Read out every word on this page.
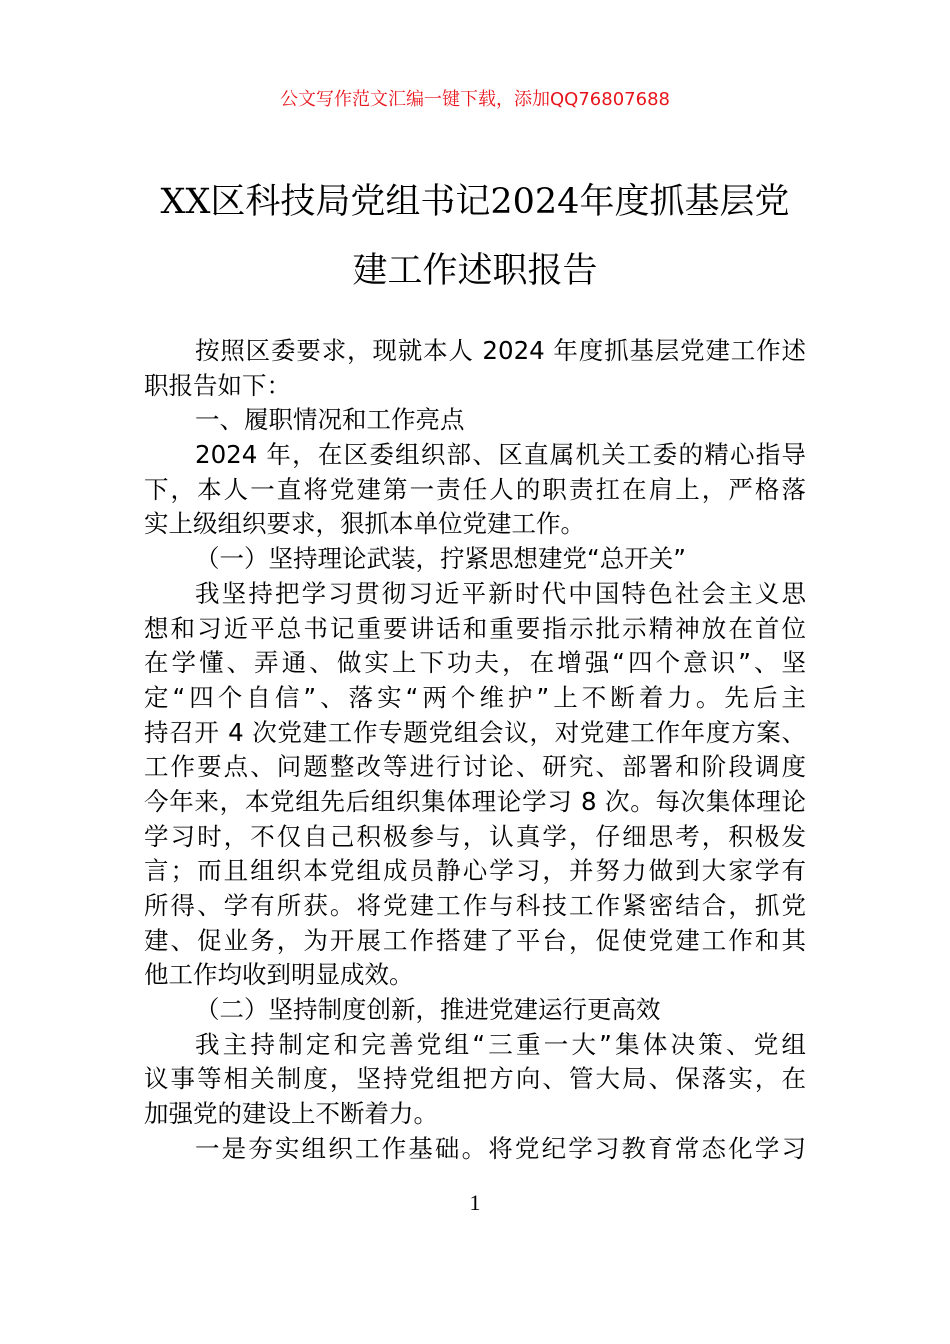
公文写作范文汇编一键下载，添加QQ76807688
XX区科技局党组书记2024年度抓基层党
建工作述职报告
按照区委要求，现就本人 2024 年度抓基层党建工作述
职报告如下：
一、履职情况和工作亮点
2024 年，在区委组织部、区直属机关工委的精心指导
下，本人一直将党建第一责任人的职责扛在肩上，严格落
实上级组织要求，狠抓本单位党建工作。
（一）坚持理论武装，拧紧思想建党“总开关”
我坚持把学习贯彻习近平新时代中国特色社会主义思
想和习近平总书记重要讲话和重要指示批示精神放在首位
在学懂、弄通、做实上下功夫，在增强“四个意识”、坚
定“四个自信”、落实“两个维护”上不断着力。先后主
持召开 4 次党建工作专题党组会议，对党建工作年度方案、
工作要点、问题整改等进行讨论、研究、部署和阶段调度
今年来，本党组先后组织集体理论学习 8 次。每次集体理论
学习时，不仅自己积极参与，认真学，仔细思考，积极发
言；而且组织本党组成员静心学习，并努力做到大家学有
所得、学有所获。将党建工作与科技工作紧密结合，抓党
建、促业务，为开展工作搭建了平台，促使党建工作和其
他工作均收到明显成效。
（二）坚持制度创新，推进党建运行更高效
我主持制定和完善党组“三重一大”集体决策、党组
议事等相关制度，坚持党组把方向、管大局、保落实，在
加强党的建设上不断着力。
一是夯实组织工作基础。将党纪学习教育常态化学习
1
